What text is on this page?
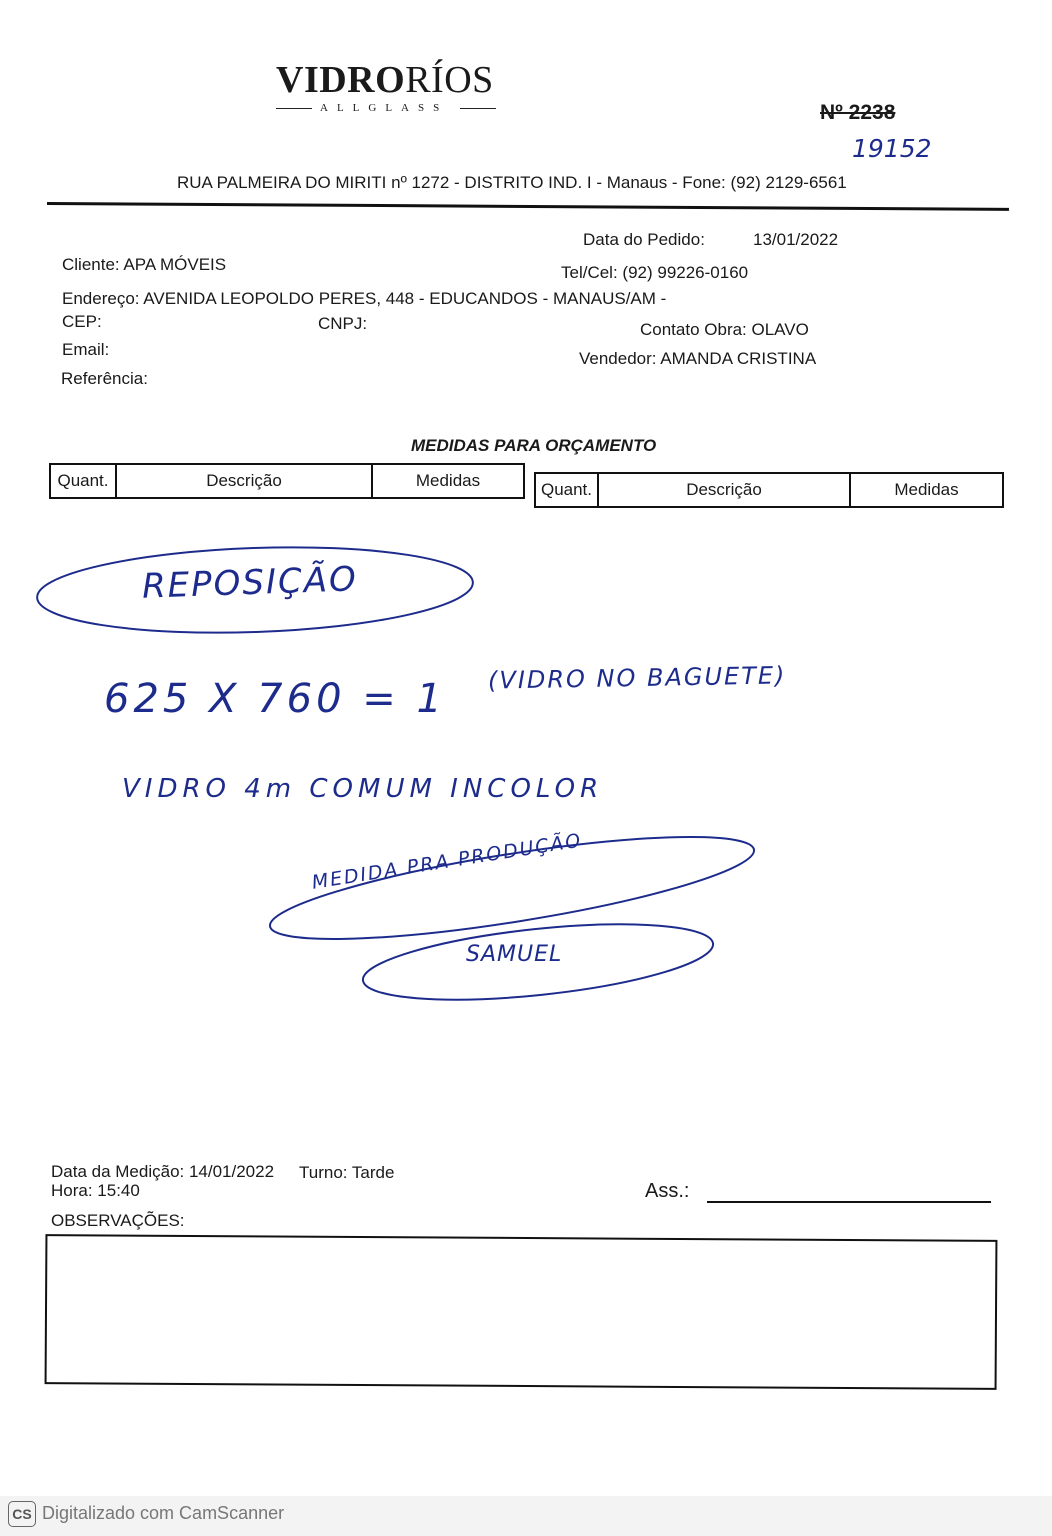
VIDRORÍOS
ALLGLASS	Nº 2238
19152
RUA PALMEIRA DO MIRITI nº 1272 - DISTRITO IND. I - Manaus - Fone: (92) 2129-6561
Data do Pedido:	13/01/2022
Cliente: APA MÓVEIS	Tel/Cel: (92) 99226-0160
Endereço: AVENIDA LEOPOLDO PERES, 448 - EDUCANDOS - MANAUS/AM -
CEP:	CNPJ:	Contato Obra: OLAVO
Email:	Vendedor: AMANDA CRISTINA
Referência:
MEDIDAS PARA ORÇAMENTO
Quant.	Descrição	Medidas	Quant.	Descrição	Medidas
REPOSIÇÃO
625 X 760 = 1 (VIDRO NO BAGUETE)
VIDRO 4m COMUM INCOLOR
MEDIDA PRA PRODUÇÃO
SAMUEL
Data da Medição: 14/01/2022 Turno: Tarde
Hora: 15:40	Ass.:
OBSERVAÇÕES:
CS Digitalizado com CamScanner
